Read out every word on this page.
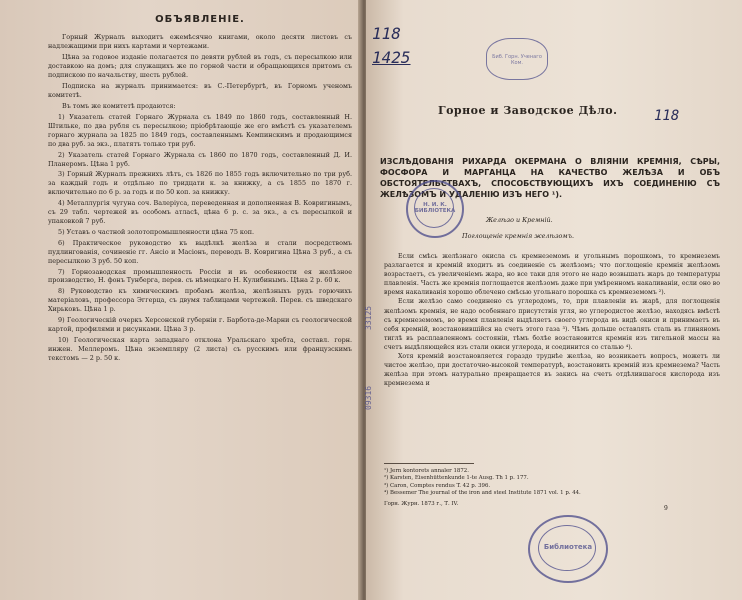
ОБЪЯВЛЕНІЕ.

Горный Журналъ выходитъ ежемѣсячно книгами, около десяти листовъ съ надлежащими при нихъ картами и чертежами.

Цѣна за годовое изданіе полагается по девяти рублей въ годъ, съ пересылкою или доставкою на домъ; для служащихъ же по горной части и обращающихся притомъ съ подпискою по начальству, шесть рублей.

Подписка на журналъ принимается: въ С.-Петербургѣ, въ Горномъ ученомъ комитетѣ.

Въ томъ же комитетѣ продаются:

1) Указатель статей Горнаго Журнала съ 1849 по 1860 годъ, составленный Н. Штильке, по два рубля съ пересылкою; пріобрѣтающіе же его вмѣстѣ съ указателемъ горнаго журнала за 1825 по 1849 годъ, составленнымъ Кемпинскимъ и продающимся по два руб. за экз., платятъ только три руб.

2) Указатель статей Горнаго Журнала съ 1860 по 1870 годъ, составленный Д. И. Планеромъ. Цѣна 1 руб.

3) Горный Журналъ прежнихъ лѣтъ, съ 1826 по 1855 годъ включительно по три руб. за каждый годъ и отдѣльно по тридцати к. за книжку, а съ 1855 по 1870 г. включительно по 6 р. за годъ и по 50 коп. за книжку.

4) Металлургія чугуна соч. Валеріуса, переведенная и дополненная В. Ковригинымъ, съ 29 табл. чертежей въ особомъ атласѣ, цѣна 6 р. с. за экз., а съ пересылкой и упаковкой 7 руб.

5) Уставъ о частной золотопромышленности цѣна 75 коп.

6) Практическое руководство къ выдѣлкѣ желѣза и стали посредствомъ пудлингованія, сочиненіе гг. Ансіо и Масіонъ, переводъ В. Ковригина Цѣна 3 руб., а съ пересылкою 3 руб. 50 коп.

7) Горнозаводская промышленность Россіи и въ особенности ея желѣзное производство, Н. фонъ Тунберга, перев. съ нѣмецкаго Н. Кулибинымъ. Цѣна 2 р. 60 к.

8) Руководство къ химическимъ пробамъ желѣза, желѣзныхъ рудъ горючихъ матеріаловъ, профессора Эггерца, съ двумя таблицами чертежей. Перев. съ шведскаго Хирьковъ. Цѣна 1 р.

9) Геологическій очеркъ Херсонской губерніи г. Барбота-де-Марни съ геологической картой, профилями и рисунками. Цѣна 3 р.

10) Геологическая карта западнаго отклона Уральскаго хребта, составл. горн. инжен. Меллеромъ. Цѣна экземпляру (2 листа) съ русскимъ или французскимъ текстомъ — 2 р. 50 к.

118
1425
118
Биб. Горн. Ученаго Ком.
33125
09316
Горное и Заводское Дѣло.
ИЗСЛѢДОВАНІЯ РИХАРДА ОКЕРМАНА О ВЛІЯНІИ КРЕМНІЯ, СѢРЫ, ФОСФОРА И МАРГАНЦА НА КАЧЕСТВО ЖЕЛѢЗА И ОБЪ ОБСТОЯТЕЛЬСТВАХЪ, СПОСОБСТВУЮЩИХЪ ИХЪ СОЕДИНЕНІЮ СЪ ЖЕЛѢЗОМЪ И УДАЛЕНІЮ ИЗЪ НЕГО ¹).
Желѣзо и Кремній.
Поглощеніе кремнія желѣзомъ.
Н. И. К. БИБЛІОТЕКА

Если смѣсь желѣзнаго окисла съ кремнеземомъ и угольнымъ порошкомъ, то кремнеземъ разлагается и кремній входитъ въ соединеніе съ желѣзомъ; что поглощеніе кремнія желѣзомъ возрастаетъ, съ увеличеніемъ жара, но все таки для этого не надо возвышать жаръ до температуры плавленія. Часть же кремнія поглощается желѣзомъ даже при умѣренномъ накаливаніи, если оно во время накаливанія хорошо облечено смѣсью угольнаго порошка съ кремнеземомъ ²).

Если желѣзо само соединено съ углеродомъ, то, при плавленіи въ жарѣ, для поглощенія желѣзомъ кремнія, не надо особеннаго присутствія угля, но углеродистое желѣзо, находясь вмѣстѣ съ кремнеземомъ, во время плавленія выдѣляетъ своего углерода въ видѣ окиси и принимаетъ въ себя кремній, возстановившійся на счетъ этого газа ³). Чѣмъ дольше оставлять сталь въ глиняномъ тиглѣ въ расплавленномъ состояніи, тѣмъ болѣе возстановится кремнія изъ тигельной массы на счетъ выдѣляющейся изъ стали окиси углерода, и соединится со сталью ⁴).

Хотя кремній возстановляется гораздо труднѣе желѣза, но возникаетъ вопросъ, можетъ ли чистое желѣзо, при достаточно-высокой температурѣ, возстановить кремній изъ кремнезема? Часть желѣза при этомъ натурально превращается въ закись на счетъ отдѣлившагося кислорода изъ кремнезема и

¹) Jern kontorets annaler 1872.
²) Karsten, Eisenhüttenkunde 1-te Ausg. Th 1 p. 177.
³) Caron, Comptes rendus T. 42 p. 396.
⁴) Bessemer The journal of the iron and steel Institute 1871 vol. 1 p. 44.
Горн. Журн. 1873 г., Т. IV.
9
Библиотека
